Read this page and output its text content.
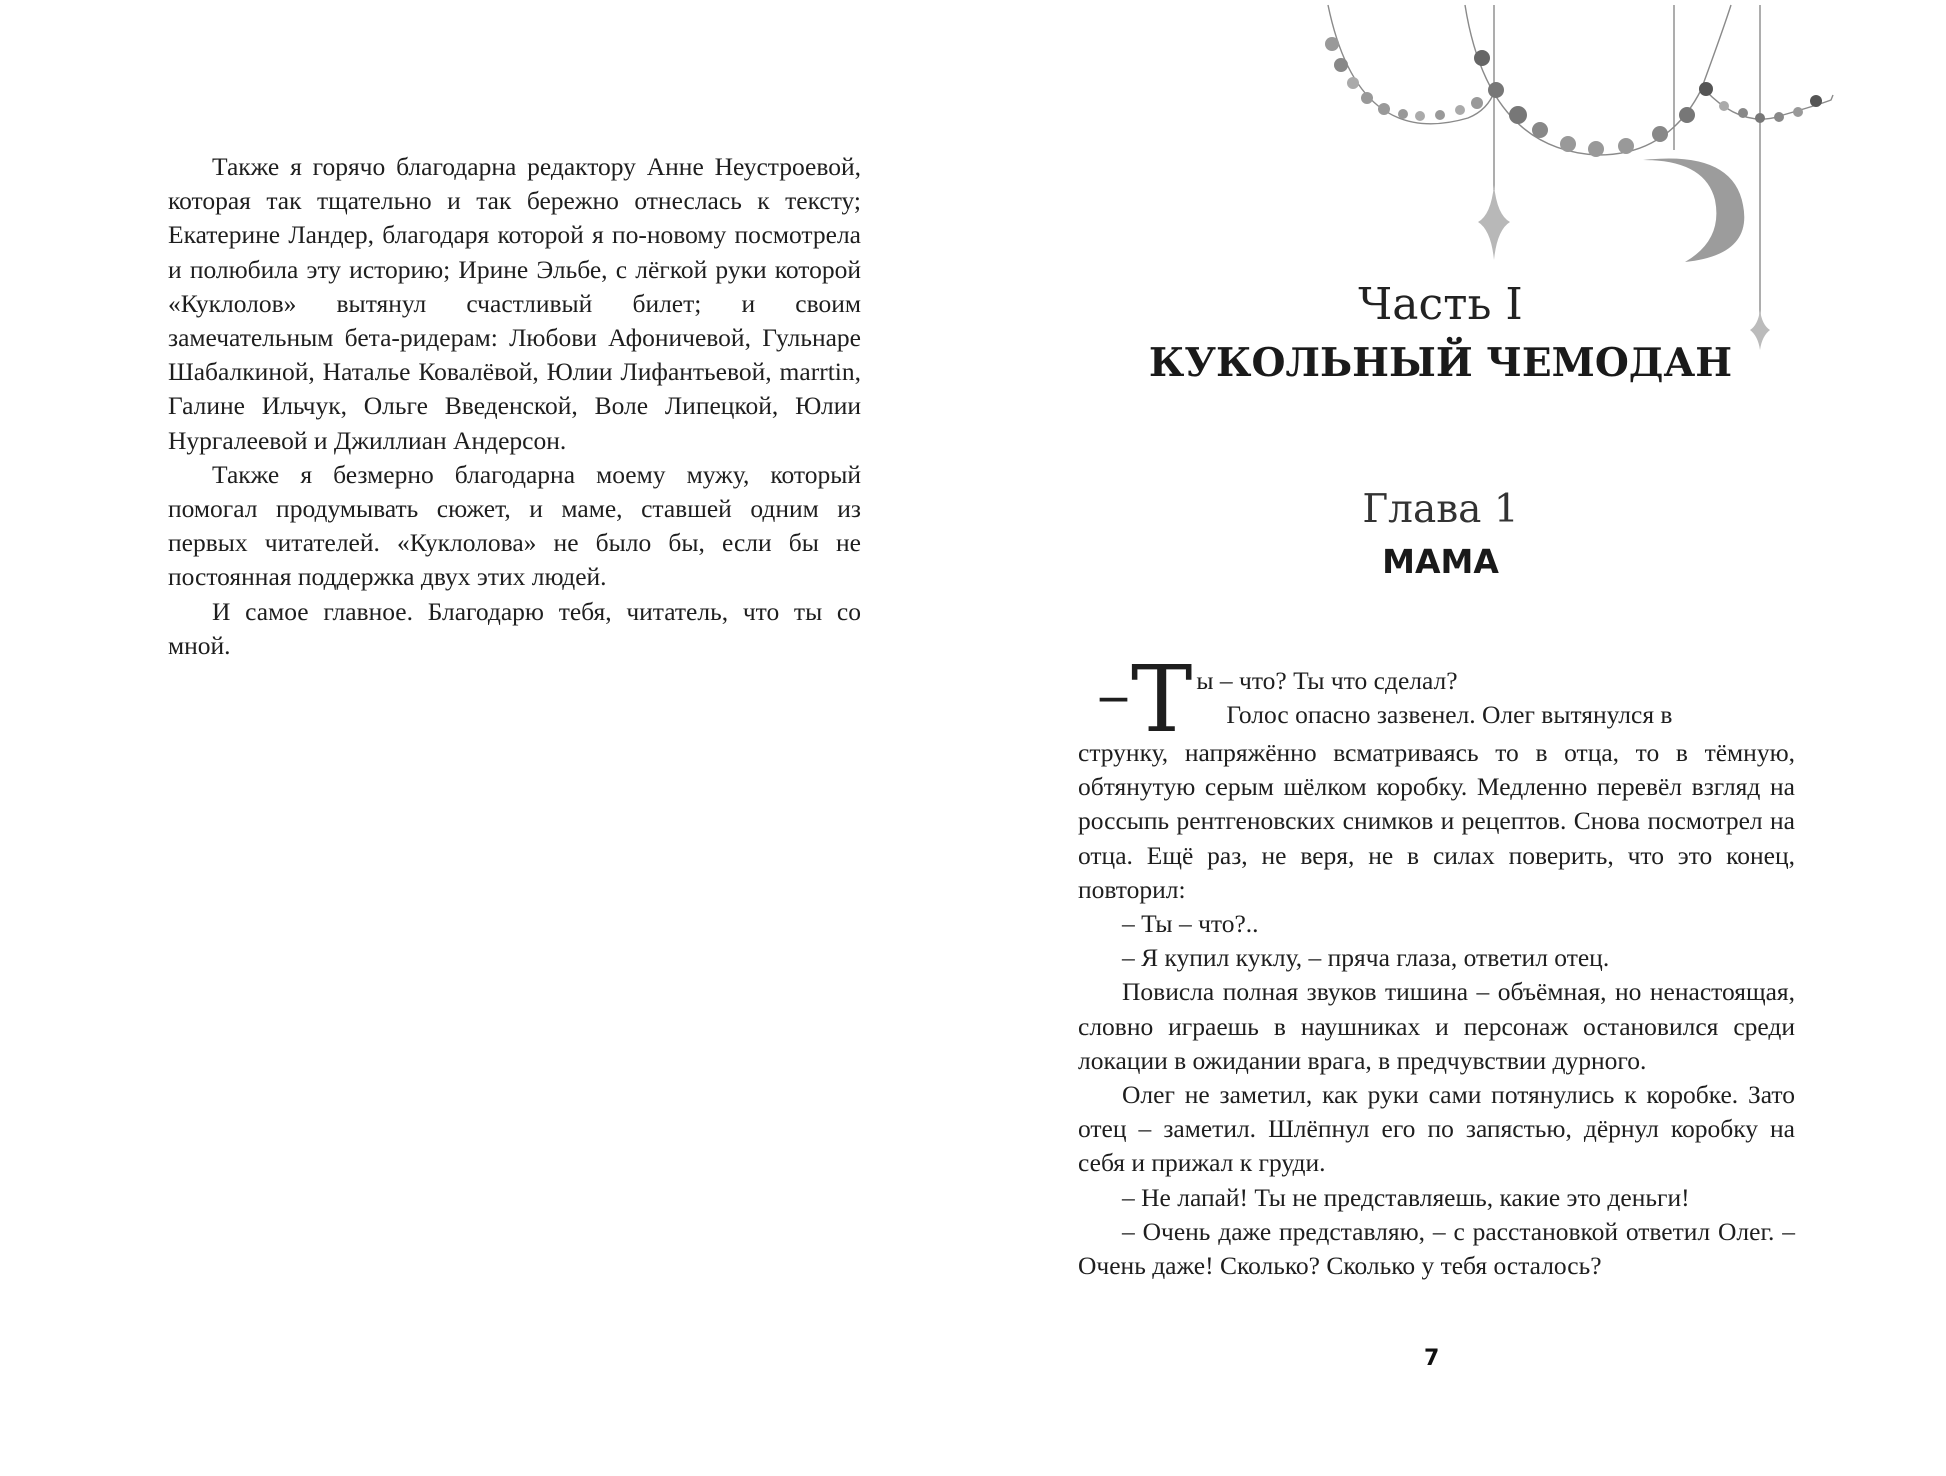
Также я горячо благодарна редактору Анне Неустроевой, которая так тщательно и так бережно отнеслась к тексту; Екатерине Ландер, благодаря которой я по-новому посмотрела и полюбила эту историю; Ирине Эльбе, с лёгкой руки которой «Куклолов» вытянул счастливый билет; и своим замечательным бета-ридерам: Любови Афоничевой, Гульнаре Шабалкиной, Наталье Ковалёвой, Юлии Лифантьевой, marrtin, Галине Ильчук, Ольге Введенской, Воле Липецкой, Юлии Нургалеевой и Джиллиан Андерсон.

Также я безмерно благодарна моему мужу, который помогал продумывать сюжет, и маме, ставшей одним из первых читателей. «Куклолова» не было бы, если бы не постоянная поддержка двух этих людей.

И самое главное. Благодарю тебя, читатель, что ты со мной.

Часть I
КУКОЛЬНЫЙ ЧЕМОДАН
Глава 1
МАМА
– Т ы – что? Ты что сделал?
Голос опасно зазвенел. Олег вытянулся в

струнку, напряжённо всматриваясь то в отца, то в тёмную, обтянутую серым шёлком коробку. Медленно перевёл взгляд на россыпь рентгеновских снимков и рецептов. Снова посмотрел на отца. Ещё раз, не веря, не в силах поверить, что это конец, повторил:

– Ты – что?..

– Я купил куклу, – пряча глаза, ответил отец.

Повисла полная звуков тишина – объёмная, но ненастоящая, словно играешь в наушниках и персонаж остановился среди локации в ожидании врага, в предчувствии дурного.

Олег не заметил, как руки сами потянулись к коробке. Зато отец – заметил. Шлёпнул его по запястью, дёрнул коробку на себя и прижал к груди.

– Не лапай! Ты не представляешь, какие это деньги!

– Очень даже представляю, – с расстановкой ответил Олег. – Очень даже! Сколько? Сколько у тебя осталось?

7
